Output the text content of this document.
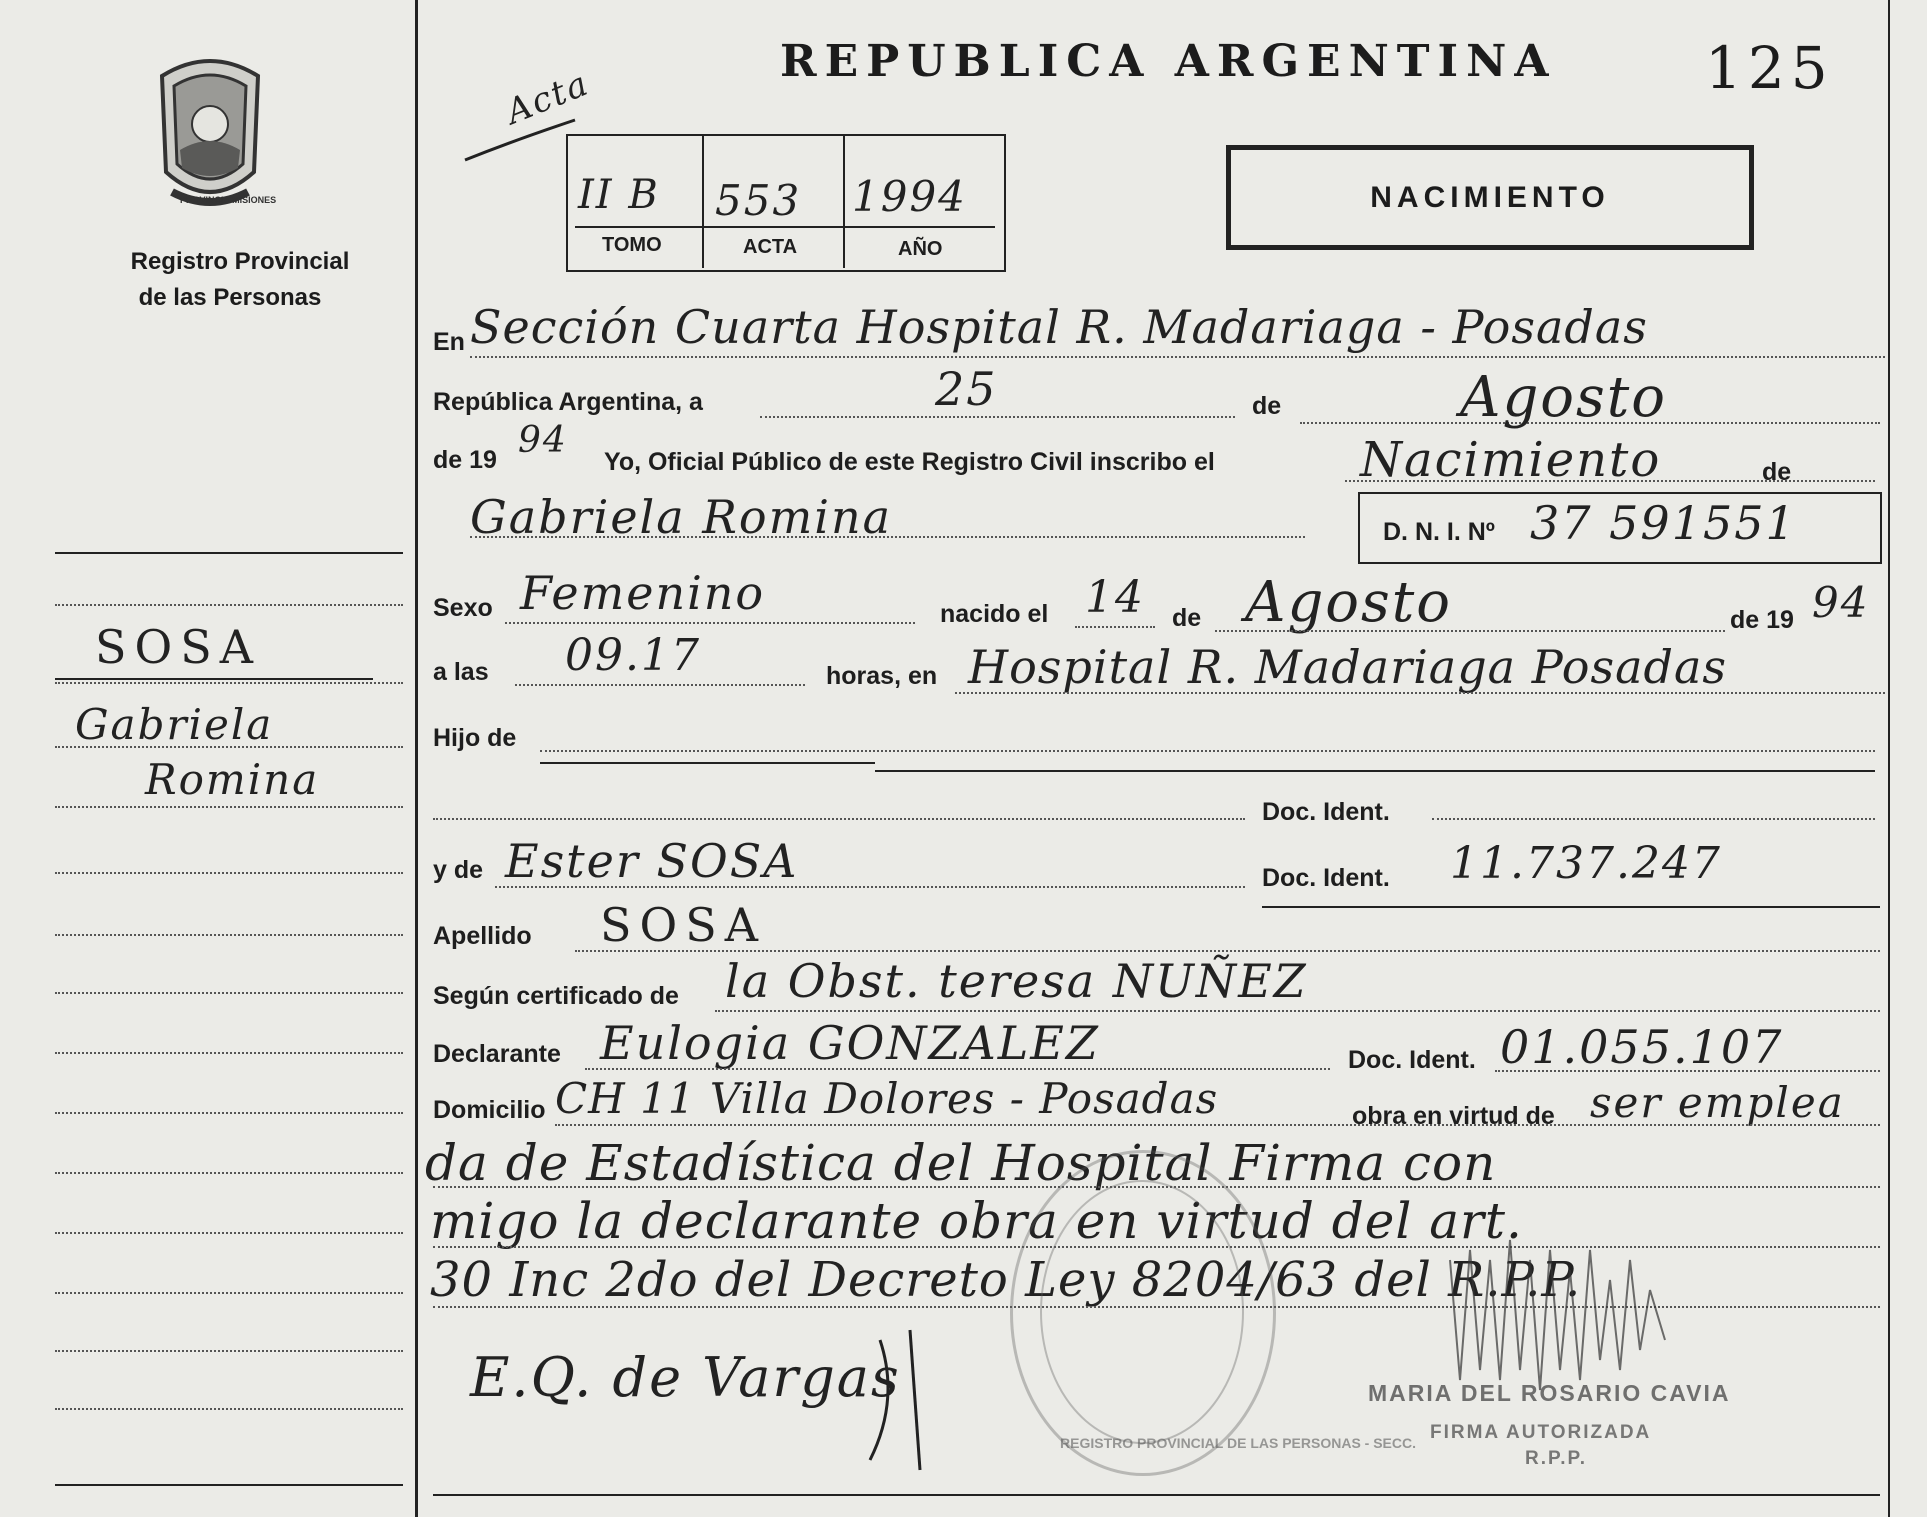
PROVINCIA MISIONES
Registro Provincial
de las Personas
SOSA
Gabriela
Romina
REPUBLICA ARGENTINA	125
Acta
II B 553 1994
TOMO	ACTA	AÑO
NACIMIENTO
En Sección Cuarta Hospital R. Madariaga - Posadas
República Argentina, a	25	de	Agosto
de 19 94
Yo, Oficial Público de este Registro Civil inscribo el	Nacimiento	de
Gabriela Romina	D. N. I. Nº 37 591551
Sexo Femenino	nacido el 14 de Agosto	de 19 94
a las 09.17	horas, en Hospital R. Madariaga Posadas
Hijo de
Doc. Ident.
y de Ester SOSA	Doc. Ident. 11.737.247
Apellido SOSA
Según certificado de la Obst. teresa NUÑEZ
Declarante Eulogia GONZALEZ	Doc. Ident. 01.055.107
Domicilio CH 11 Villa Dolores - Posadas	obra en virtud de ser emplea
da de Estadística del Hospital Firma con
migo la declarante obra en virtud del art.
30 Inc 2do del Decreto Ley 8204/63 del R.P.P.
REGISTRO PROVINCIAL DE LAS PERSONAS - SECC.
E.Q. de Vargas	MARIA DEL ROSARIO CAVIA
FIRMA AUTORIZADA
R.P.P.
